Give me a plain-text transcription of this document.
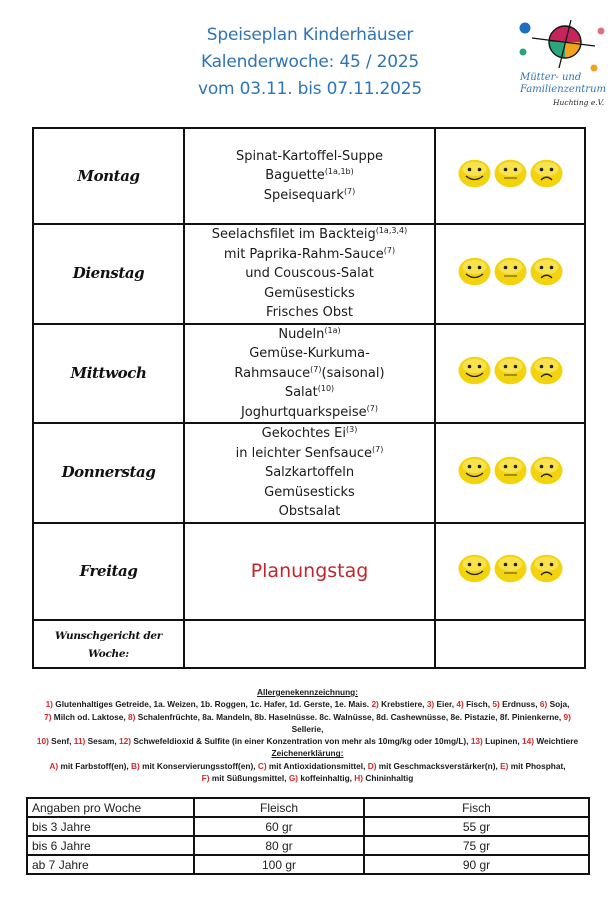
Speiseplan Kinderhäuser
Kalenderwoche: 45 / 2025
vom 03.11. bis 07.11.2025
Mütter- und
Familienzentrum
Huchting e.V.
Montag	Spinat-Kartoffel-Suppe
Baguette$^{(1a,1b)}$
Speisequark$^{(7)}$

Dienstag	Seelachsfilet im Backteig$^{(1a,3,4)}$
mit Paprika-Rahm-Sauce$^{(7)}$
und Couscous-Salat
Gemüsesticks
Frisches Obst

Mittwoch	Nudeln$^{(1a)}$
Gemüse-Kurkuma-
Rahmsauce$^{(7)}$(saisonal)
Salat$^{(10)}$
Joghurtquarkspeise$^{(7)}$

Donnerstag	Gekochtes Ei$^{(3)}$
in leichter Senfsauce$^{(7)}$
Salzkartoffeln
Gemüsesticks
Obstsalat

Freitag	Planungstag	

Wunschgericht der Woche:		
Allergenekennzeichnung:
1) Glutenhaltiges Getreide, 1a. Weizen, 1b. Roggen, 1c. Hafer, 1d. Gerste, 1e. Mais. 2) Krebstiere, 3) Eier, 4) Fisch, 5) Erdnuss, 6) Soja,
7) Milch od. Laktose, 8) Schalenfrüchte, 8a. Mandeln, 8b. Haselnüsse. 8c. Walnüsse, 8d. Cashewnüsse, 8e. Pistazie, 8f. Pinienkerne, 9)
Sellerie,
10) Senf, 11) Sesam, 12) Schwefeldioxid & Sulfite (in einer Konzentration von mehr als 10mg/kg oder 10mg/L), 13) Lupinen, 14) Weichtiere
Zeichenerklärung:
A) mit Farbstoff(en), B) mit Konservierungsstoff(en), C) mit Antioxidationsmittel, D) mit Geschmacksverstärker(n), E) mit Phosphat,
F) mit Süßungsmittel, G) koffeinhaltig, H) Chininhaltig
Angaben pro Woche	Fleisch	Fisch
bis 3 Jahre	60 gr	55 gr
bis 6 Jahre	80 gr	75 gr
ab 7 Jahre	100 gr	90 gr
